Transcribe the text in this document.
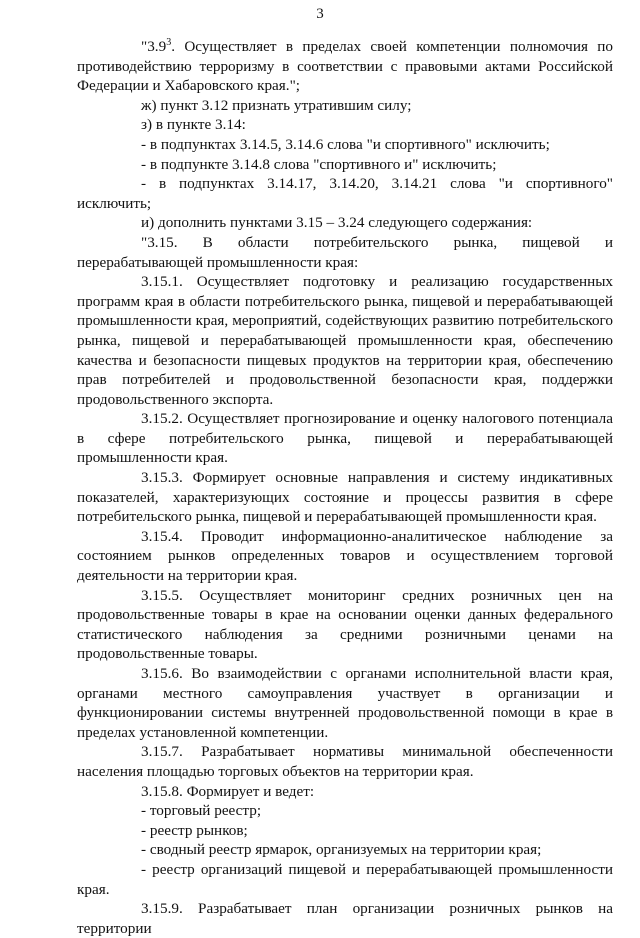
3

"$3.9^3$. Осуществляет в пределах своей компетенции полномочия по противодействию терроризму в соответствии с правовыми актами Российской Федерации и Хабаровского края.";

ж) пункт 3.12 признать утратившим силу;

з) в пункте 3.14:

- в подпунктах 3.14.5, 3.14.6 слова "и спортивного" исключить;

- в подпункте 3.14.8 слова "спортивного и" исключить;

- в подпунктах 3.14.17, 3.14.20, 3.14.21 слова "и спортивного" исключить;

и) дополнить пунктами 3.15 – 3.24 следующего содержания:

"3.15. В области потребительского рынка, пищевой и перерабатывающей промышленности края:

3.15.1. Осуществляет подготовку и реализацию государственных программ края в области потребительского рынка, пищевой и перерабатывающей промышленности края, мероприятий, содействующих развитию потребительского рынка, пищевой и перерабатывающей промышленности края, обеспечению качества и безопасности пищевых продуктов на территории края, обеспечению прав потребителей и продовольственной безопасности края, поддержки продовольственного экспорта.

3.15.2. Осуществляет прогнозирование и оценку налогового потенциала в сфере потребительского рынка, пищевой и перерабатывающей промышленности края.

3.15.3. Формирует основные направления и систему индикативных показателей, характеризующих состояние и процессы развития в сфере потребительского рынка, пищевой и перерабатывающей промышленности края.

3.15.4. Проводит информационно-аналитическое наблюдение за состоянием рынков определенных товаров и осуществлением торговой деятельности на территории края.

3.15.5. Осуществляет мониторинг средних розничных цен на продовольственные товары в крае на основании оценки данных федерального статистического наблюдения за средними розничными ценами на продовольственные товары.

3.15.6. Во взаимодействии с органами исполнительной власти края, органами местного самоуправления участвует в организации и функционировании системы внутренней продовольственной помощи в крае в пределах установленной компетенции.

3.15.7. Разрабатывает нормативы минимальной обеспеченности населения площадью торговых объектов на территории края.

3.15.8. Формирует и ведет:

- торговый реестр;

- реестр рынков;

- сводный реестр ярмарок, организуемых на территории края;

- реестр организаций пищевой и перерабатывающей промышленности края.

3.15.9. Разрабатывает план организации розничных рынков на территории
